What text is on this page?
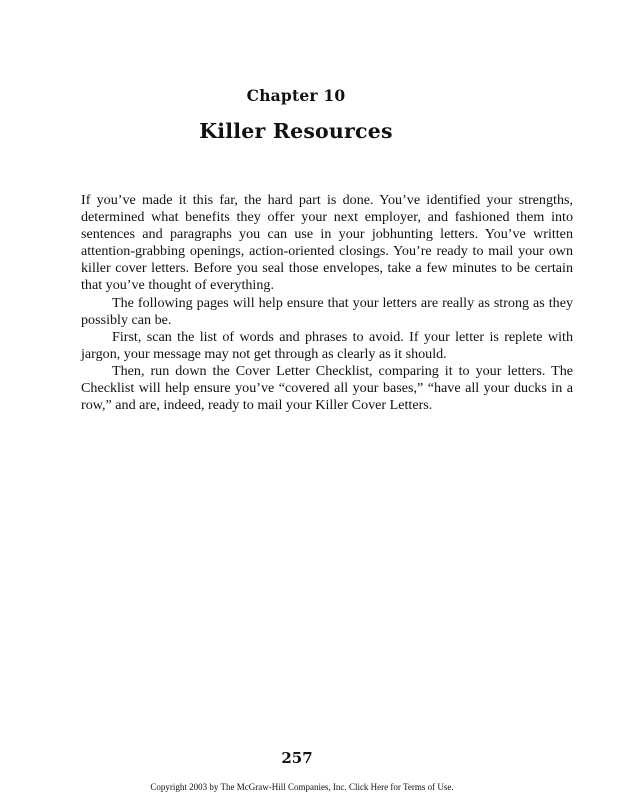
Chapter 10
Killer Resources

If you’ve made it this far, the hard part is done. You’ve identified your strengths, determined what benefits they offer your next employer, and fashioned them into sentences and paragraphs you can use in your jobhunting letters. You’ve written attention-grabbing openings, action-oriented closings. You’re ready to mail your own killer cover letters. Before you seal those envelopes, take a few minutes to be certain that you’ve thought of everything.

The following pages will help ensure that your letters are really as strong as they possibly can be.

First, scan the list of words and phrases to avoid. If your letter is replete with jargon, your message may not get through as clearly as it should.

Then, run down the Cover Letter Checklist, comparing it to your letters. The Checklist will help ensure you’ve “covered all your bases,” “have all your ducks in a row,” and are, indeed, ready to mail your Killer Cover Letters.

257
Copyright 2003 by The McGraw-Hill Companies, Inc. Click Here for Terms of Use.
